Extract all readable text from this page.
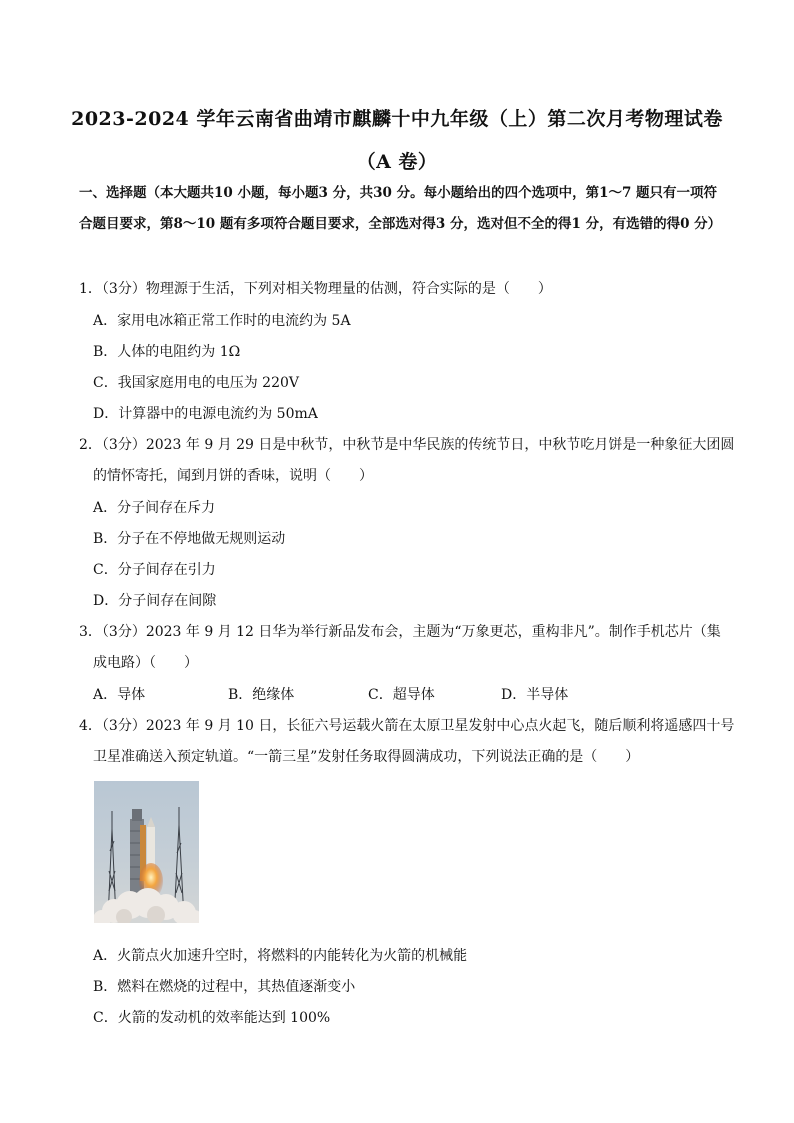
2023-2024 学年云南省曲靖市麒麟十中九年级（上）第二次月考物理试卷
（A 卷）
一、选择题（本大题共10 小题，每小题3 分，共30 分。每小题给出的四个选项中，第1～7 题只有一项符合题目要求，第8～10 题有多项符合题目要求，全部选对得3 分，选对但不全的得1 分，有选错的得0 分）
1．（3分）物理源于生活，下列对相关物理量的估测，符合实际的是（　　）
A．家用电冰箱正常工作时的电流约为 5A
B．人体的电阻约为 1Ω
C．我国家庭用电的电压为 220V
D．计算器中的电源电流约为 50mA
2．（3分）2023 年 9 月 29 日是中秋节，中秋节是中华民族的传统节日，中秋节吃月饼是一种象征大团圆
的情怀寄托，闻到月饼的香味，说明（　　）
A．分子间存在斥力
B．分子在不停地做无规则运动
C．分子间存在引力
D．分子间存在间隙
3．（3分）2023 年 9 月 12 日华为举行新品发布会，主题为“万象更芯，重构非凡”。制作手机芯片（集
成电路）（　　）
A．导体	B．绝缘体	C．超导体	D．半导体
4．（3分）2023 年 9 月 10 日，长征六号运载火箭在太原卫星发射中心点火起飞，随后顺利将遥感四十号
卫星准确送入预定轨道。“一箭三星”发射任务取得圆满成功，下列说法正确的是（　　）
A．火箭点火加速升空时，将燃料的内能转化为火箭的机械能
B．燃料在燃烧的过程中，其热值逐渐变小
C．火箭的发动机的效率能达到 100%
